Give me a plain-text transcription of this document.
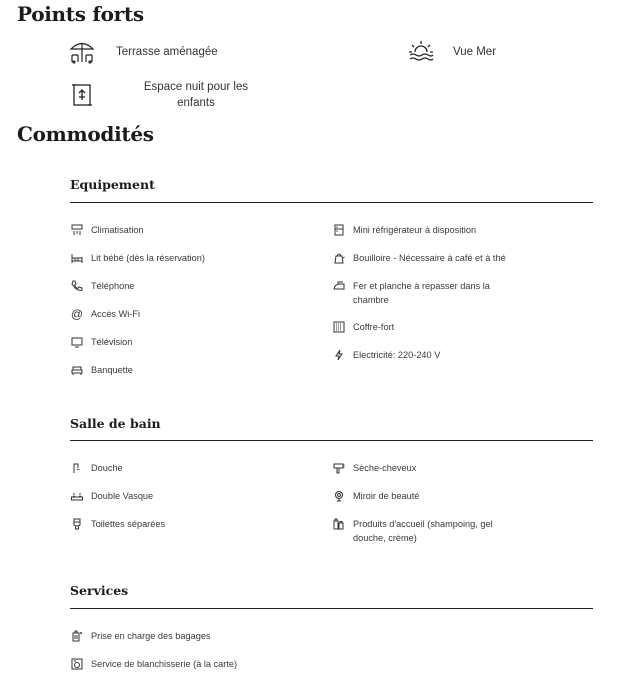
Points forts
Terrasse aménagée	Vue Mer
Espace nuit pour les enfants
Commodités
Equipement
Climatisation
Lit bébé (dès la réservation)
Téléphone
@ Accès Wi-Fi
Télévision
Banquette
Mini réfrigérateur à disposition
Bouilloire - Nécessaire à café et à thé
Fer et planche à repasser dans la chambre
Coffre-fort
Electricité: 220-240 V
Salle de bain
Douche
Double Vasque
Toilettes séparées
Sèche-cheveux
Miroir de beauté
Produits d'accueil (shampoing, gel douche, crème)
Services
Prise en charge des bagages
Service de blanchisserie (à la carte)
